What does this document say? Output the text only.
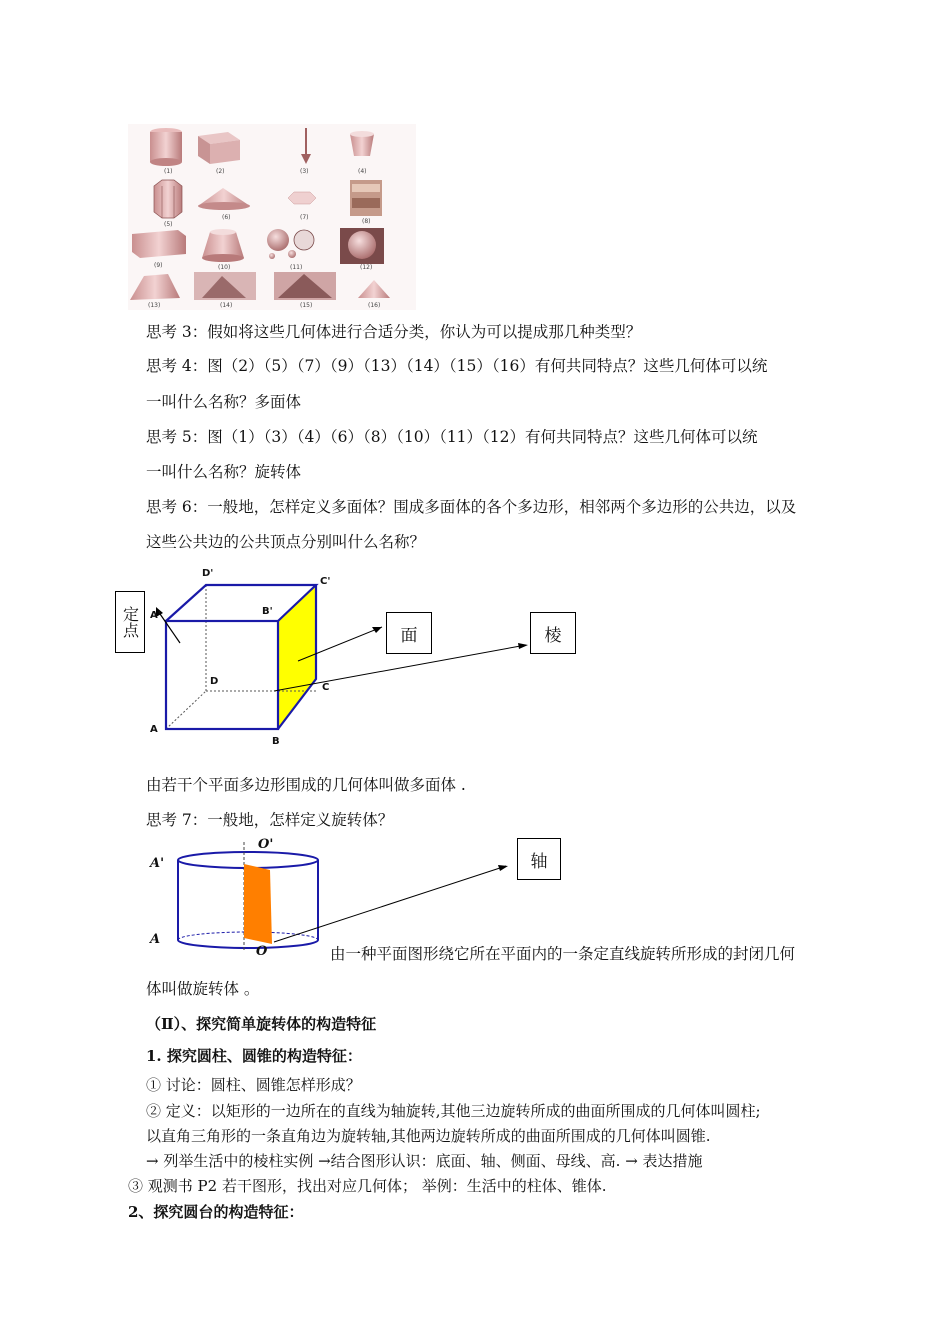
(1)	(2)	(3)	(4)
(5)
(6)	(7)
(8)
(9)	(10)	(11)	(12)
(13)	(14)	(15)	(16)
思考 3：假如将这些几何体进行合适分类，你认为可以提成那几种类型？
思考 4：图（2）（5）（7）（9）（13）（14）（15）（16）有何共同特点？这些几何体可以统
一叫什么名称？多面体
思考 5：图（1）（3）（4）（6）（8）（10）（11）（12）有何共同特点？这些几何体可以统
一叫什么名称？旋转体
思考 6：一般地，怎样定义多面体？围成多面体的各个多边形，相邻两个多边形的公共边，以及
这些公共边的公共顶点分别叫什么名称？
D'
C'
B'
A'
D
C
A
B
定点	面	棱
由若干个平面多边形围成的几何体叫做多面体 .
思考 7：一般地，怎样定义旋转体？
O'
A'
A
O
轴
由一种平面图形绕它所在平面内的一条定直线旋转所形成的封闭几何
体叫做旋转体 。
（Ⅱ）、探究简单旋转体的构造特征
1. 探究圆柱、圆锥的构造特征：
① 讨论：圆柱、圆锥怎样形成？
② 定义：以矩形的一边所在的直线为轴旋转,其他三边旋转所成的曲面所围成的几何体叫圆柱;
以直角三角形的一条直角边为旋转轴,其他两边旋转所成的曲面所围成的几何体叫圆锥.
→ 列举生活中的棱柱实例 →结合图形认识：底面、轴、侧面、母线、高. → 表达措施
③ 观测书 P2 若干图形，找出对应几何体； 举例：生活中的柱体、锥体.
2、探究圆台的构造特征：
